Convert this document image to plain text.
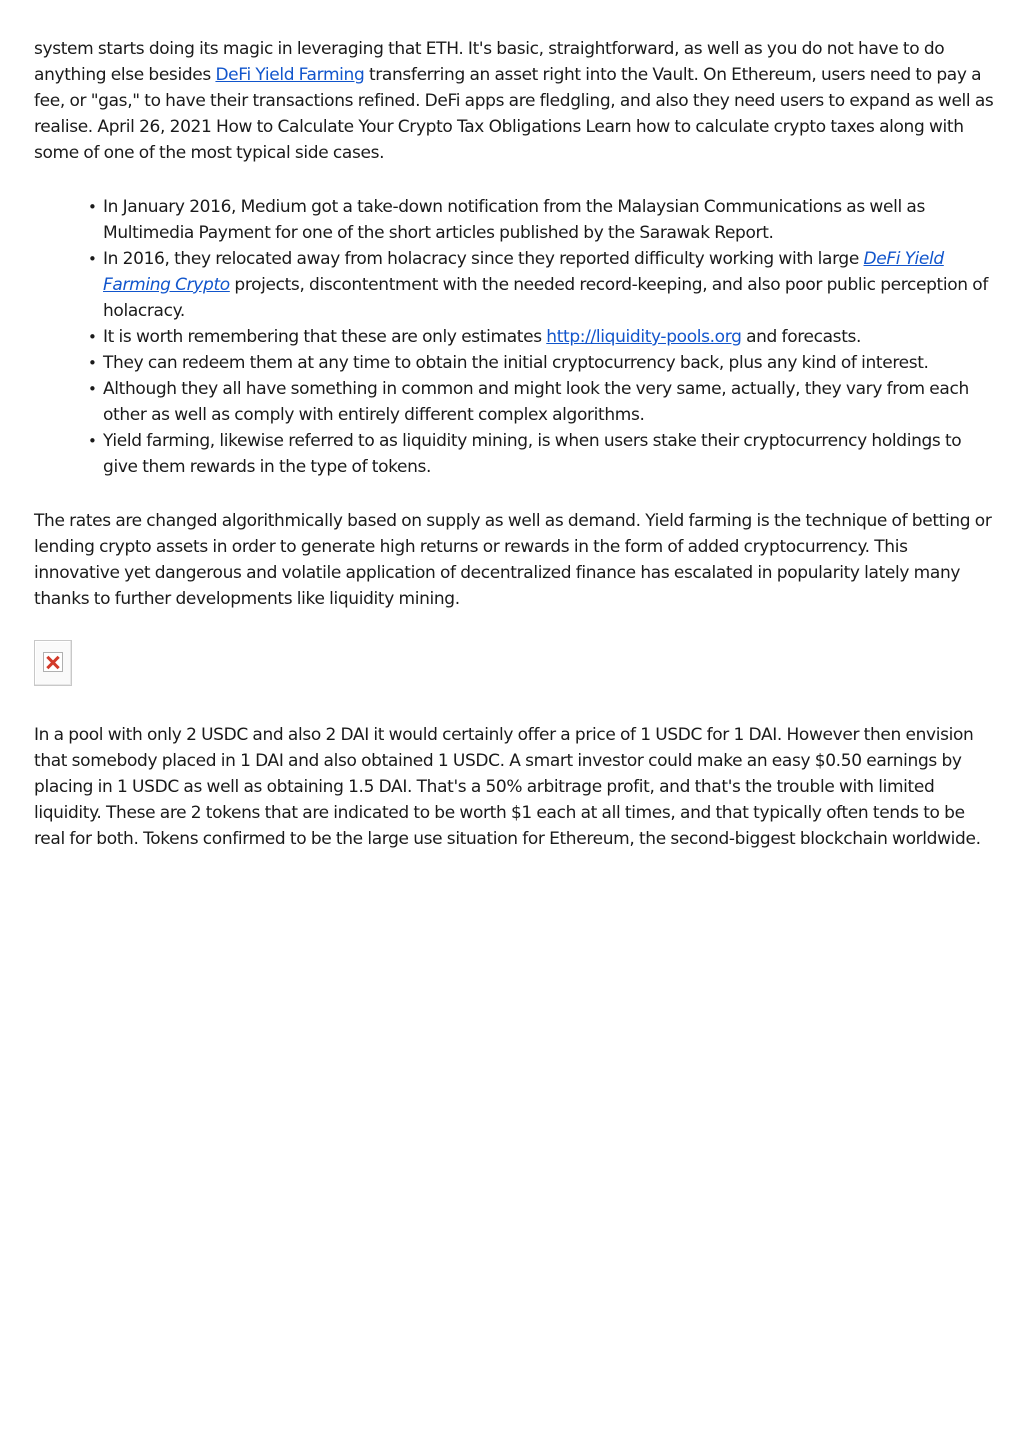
system starts doing its magic in leveraging that ETH. It's basic, straightforward, as well as you do not have to do anything else besides DeFi Yield Farming transferring an asset right into the Vault. On Ethereum, users need to pay a fee, or "gas," to have their transactions refined. DeFi apps are fledgling, and also they need users to expand as well as realise. April 26, 2021 How to Calculate Your Crypto Tax Obligations Learn how to calculate crypto taxes along with some of one of the most typical side cases.

• In January 2016, Medium got a take-down notification from the Malaysian Communications as well as Multimedia Payment for one of the short articles published by the Sarawak Report.
• In 2016, they relocated away from holacracy since they reported difficulty working with large DeFi Yield Farming Crypto projects, discontentment with the needed record-keeping, and also poor public perception of holacracy.
• It is worth remembering that these are only estimates http://liquidity-pools.org and forecasts.
• They can redeem them at any time to obtain the initial cryptocurrency back, plus any kind of interest.
• Although they all have something in common and might look the very same, actually, they vary from each other as well as comply with entirely different complex algorithms.
• Yield farming, likewise referred to as liquidity mining, is when users stake their cryptocurrency holdings to give them rewards in the type of tokens.

The rates are changed algorithmically based on supply as well as demand. Yield farming is the technique of betting or lending crypto assets in order to generate high returns or rewards in the form of added cryptocurrency. This innovative yet dangerous and volatile application of decentralized finance has escalated in popularity lately many thanks to further developments like liquidity mining.

In a pool with only 2 USDC and also 2 DAI it would certainly offer a price of 1 USDC for 1 DAI. However then envision that somebody placed in 1 DAI and also obtained 1 USDC. A smart investor could make an easy $0.50 earnings by placing in 1 USDC as well as obtaining 1.5 DAI. That's a 50% arbitrage profit, and that's the trouble with limited liquidity. These are 2 tokens that are indicated to be worth $1 each at all times, and that typically often tends to be real for both. Tokens confirmed to be the large use situation for Ethereum, the second-biggest blockchain worldwide.
